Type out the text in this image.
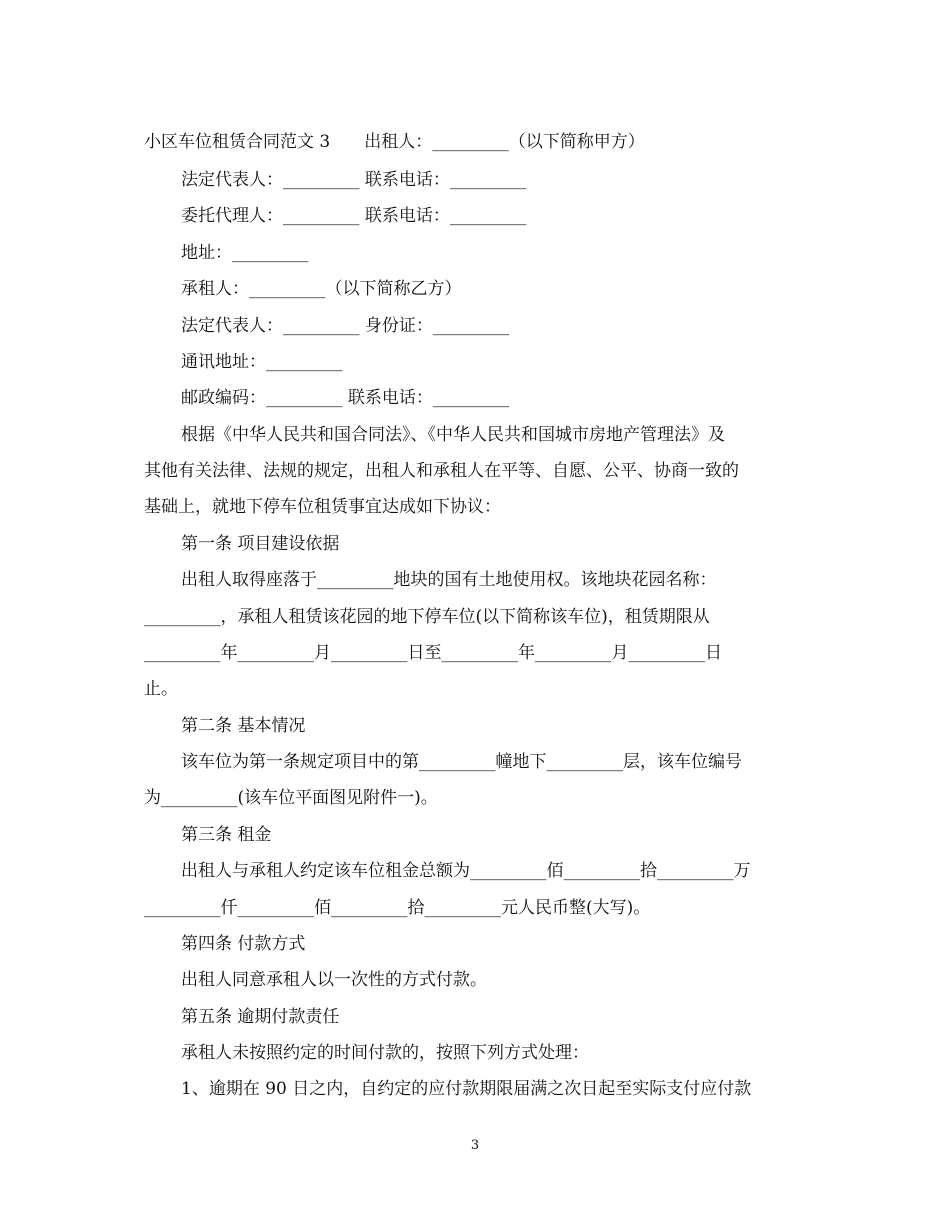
小区车位租赁合同范文 3　　出租人：_________（以下简称甲方）
法定代表人：_________ 联系电话：_________
委托代理人：_________ 联系电话：_________
地址：_________
承租人：_________（以下简称乙方）
法定代表人：_________ 身份证：_________
通讯地址：_________
邮政编码：_________ 联系电话：_________
根据《中华人民共和国合同法》、《中华人民共和国城市房地产管理法》及
其他有关法律、法规的规定，出租人和承租人在平等、自愿、公平、协商一致的
基础上，就地下停车位租赁事宜达成如下协议：
第一条 项目建设依据
出租人取得座落于_________地块的国有土地使用权。该地块花园名称：
_________，承租人租赁该花园的地下停车位(以下简称该车位)，租赁期限从
_________年_________月_________日至_________年_________月_________日
止。
第二条 基本情况
该车位为第一条规定项目中的第_________幢地下_________层，该车位编号
为_________(该车位平面图见附件一)。
第三条 租金
出租人与承租人约定该车位租金总额为_________佰_________拾_________万
_________仟_________佰_________拾_________元人民币整(大写)。
第四条 付款方式
出租人同意承租人以一次性的方式付款。
第五条 逾期付款责任
承租人未按照约定的时间付款的，按照下列方式处理：
1、逾期在 90 日之内，自约定的应付款期限届满之次日起至实际支付应付款
3
